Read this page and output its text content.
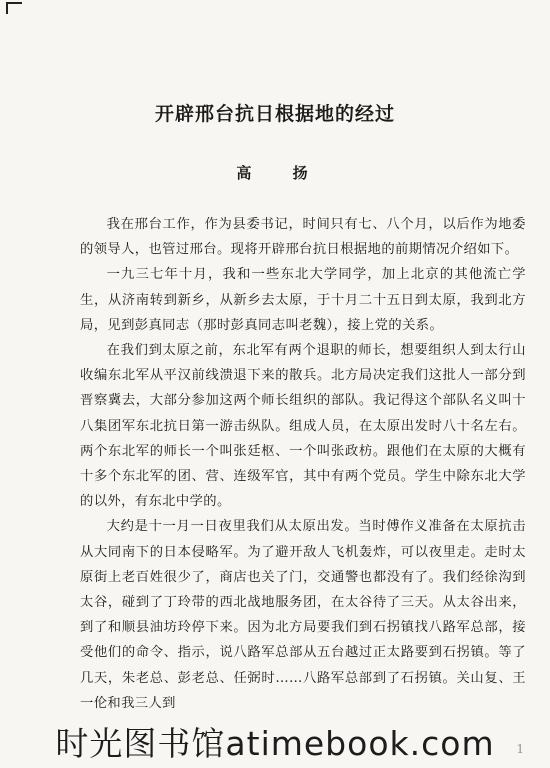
开辟邢台抗日根据地的经过
高 扬

我在邢台工作，作为县委书记，时间只有七、八个月，以后作为地委的领导人，也管过邢台。现将开辟邢台抗日根据地的前期情况介绍如下。

一九三七年十月，我和一些东北大学同学，加上北京的其他流亡学生，从济南转到新乡，从新乡去太原，于十月二十五日到太原，我到北方局，见到彭真同志（那时彭真同志叫老魏），接上党的关系。

在我们到太原之前，东北军有两个退职的师长，想要组织人到太行山收编东北军从平汉前线溃退下来的散兵。北方局决定我们这批人一部分到晋察冀去，大部分参加这两个师长组织的部队。我记得这个部队名义叫十八集团军东北抗日第一游击纵队。组成人员，在太原出发时八十名左右。两个东北军的师长一个叫张廷枢、一个叫张政枋。跟他们在太原的大概有十多个东北军的团、营、连级军官，其中有两个党员。学生中除东北大学的以外，有东北中学的。

大约是十一月一日夜里我们从太原出发。当时傅作义准备在太原抗击从大同南下的日本侵略军。为了避开敌人飞机轰炸，可以夜里走。走时太原街上老百姓很少了，商店也关了门，交通警也都没有了。我们经徐沟到太谷，碰到了丁玲带的西北战地服务团，在太谷待了三天。从太谷出来，到了和顺县油坊玲停下来。因为北方局要我们到石拐镇找八路军总部，接受他们的命令、指示，说八路军总部从五台越过正太路要到石拐镇。等了几天，朱老总、彭老总、任弼时……八路军总部到了石拐镇。关山复、王一伦和我三人到

时光图书馆atimebook.com
